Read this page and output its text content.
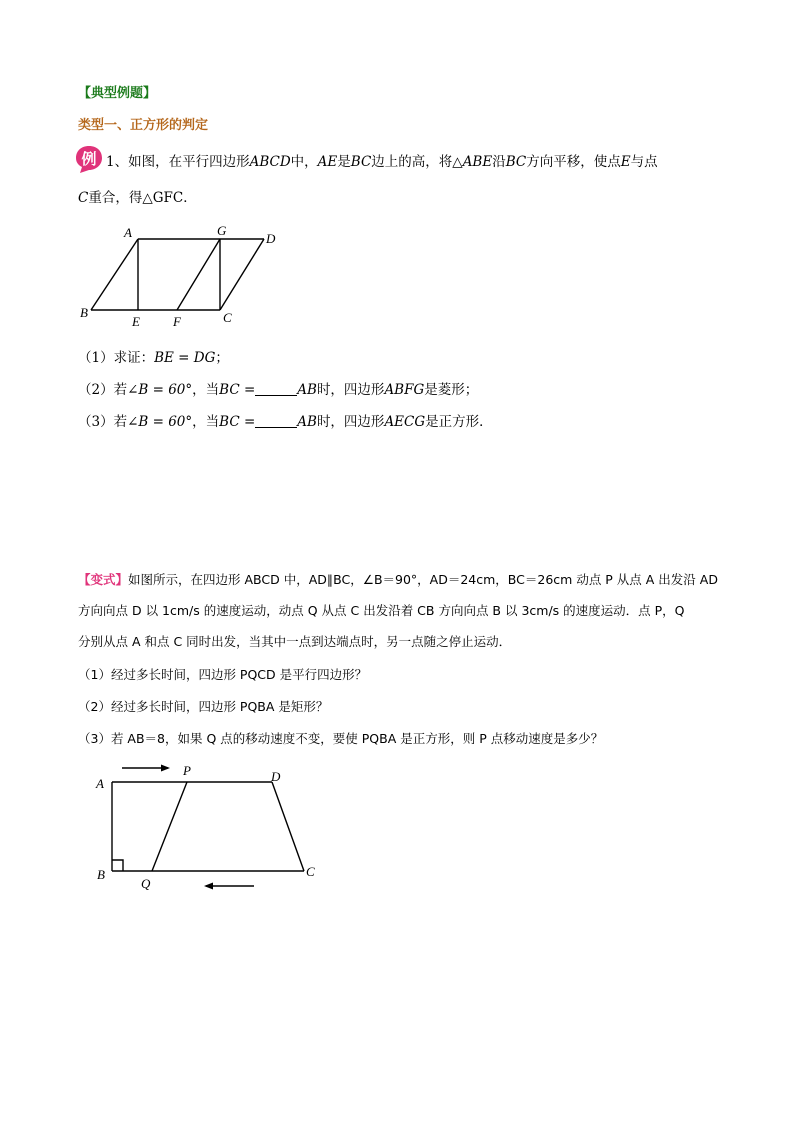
【典型例题】
类型一、正方形的判定
例 1、如图，在平行四边形ABCD中，AE是BC边上的高，将△ABE沿BC方向平移，使点E与点
C重合，得△GFC．
A	G
D
B
E	F	C
（1）求证：BE = DG；
（2）若∠B = 60°，当BC =	AB时，四边形ABFG是菱形；
（3）若∠B = 60°，当BC =	AB时，四边形AECG是正方形．
【变式】如图所示，在四边形 ABCD 中，AD∥BC，∠B＝90°，AD＝24cm，BC＝26cm 动点 P 从点 A 出发沿 AD
方向向点 D 以 1cm/s 的速度运动，动点 Q 从点 C 出发沿着 CB 方向向点 B 以 3cm/s 的速度运动．点 P，Q
分别从点 A 和点 C 同时出发，当其中一点到达端点时，另一点随之停止运动．
（1）经过多长时间，四边形 PQCD 是平行四边形？
（2）经过多长时间，四边形 PQBA 是矩形？
（3）若 AB＝8，如果 Q 点的移动速度不变，要使 PQBA 是正方形，则 P 点移动速度是多少？
A
P	D
B
Q
C
